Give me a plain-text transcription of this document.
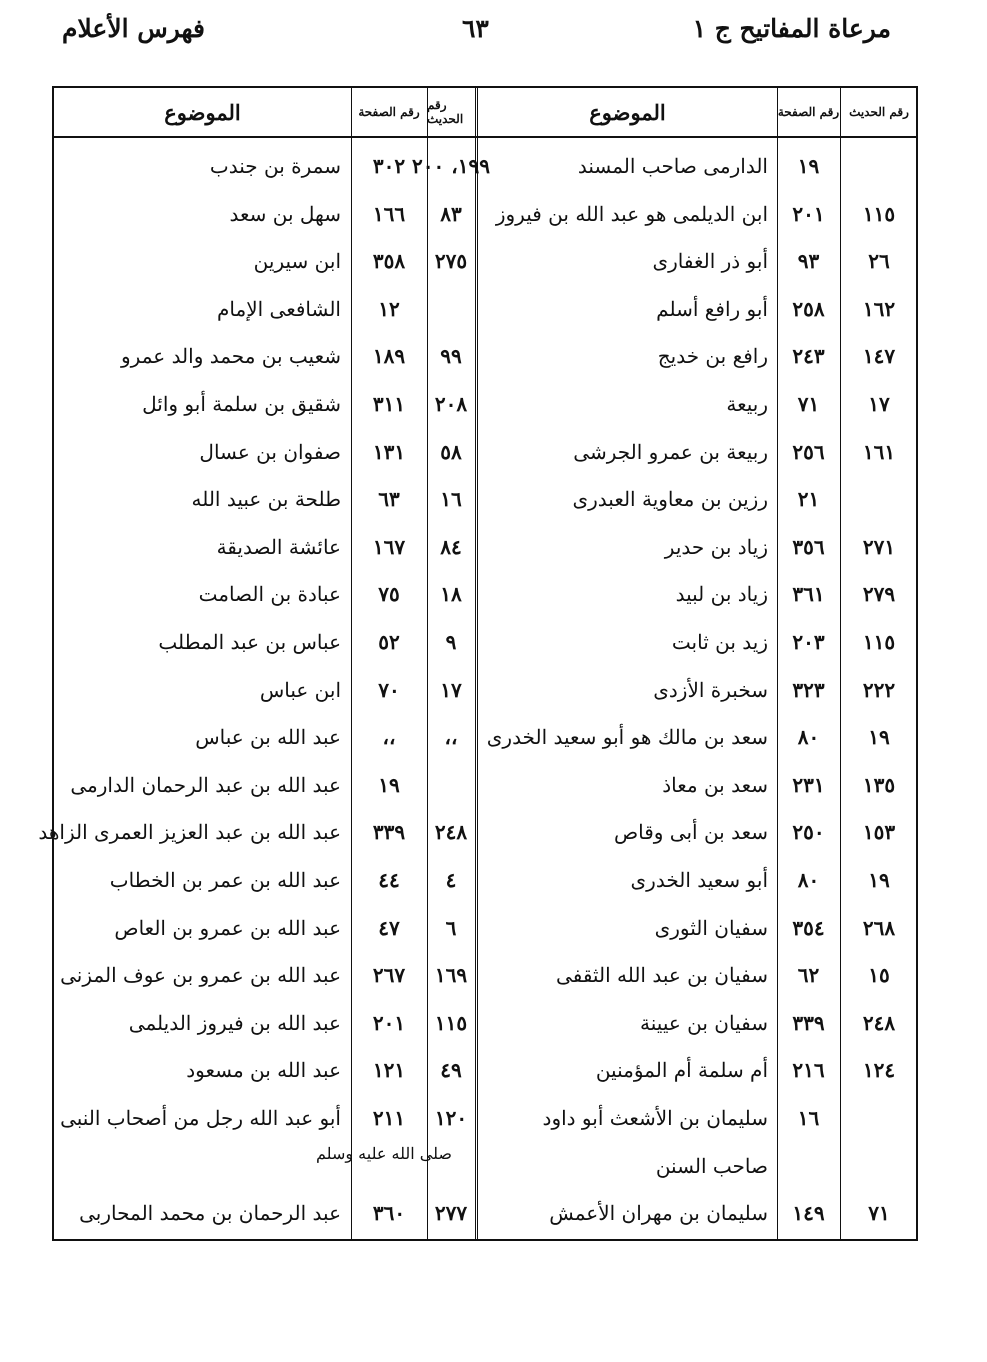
مرعاة المفاتيح ج ١
٦٣
فهرس الأعلام
رقم الحديث
رقم الصفحة
الموضوع
رقم الحديث
رقم الصفحة
الموضوع
١٩
الدارمى صاحب المسند
١١٥
٢٠١
ابن الديلمى هو عبد الله بن فيروز
٢٦
٩٣
أبو ذر الغفارى
١٦٢
٢٥٨
أبو رافع أسلم
١٤٧
٢٤٣
رافع بن خديج
١٧
٧١
ربيعة
١٦١
٢٥٦
ربيعة بن عمرو الجرشى
٢١
رزين بن معاوية العبدرى
٢٧١
٣٥٦
زياد بن حدير
٢٧٩
٣٦١
زياد بن لبيد
١١٥
٢٠٣
زيد بن ثابت
٢٢٢
٣٢٣
سخبرة الأزدى
١٩
٨٠
سعد بن مالك هو أبو سعيد الخدرى
١٣٥
٢٣١
سعد بن معاذ
١٥٣
٢٥٠
سعد بن أبى وقاص
١٩
٨٠
أبو سعيد الخدرى
٢٦٨
٣٥٤
سفيان الثورى
١٥
٦٢
سفيان بن عبد الله الثقفى
٢٤٨
٣٣٩
سفيان بن عيينة
١٢٤
٢١٦
أم سلمة أم المؤمنين
١٦
سليمان بن الأشعث أبو داود
صاحب السنن
٧١
١٤٩
سليمان بن مهران الأعمش
١٩٩، ٢٠٠
٣٠٢
سمرة بن جندب
٨٣
١٦٦
سهل بن سعد
٢٧٥
٣٥٨
ابن سيرين
١٢
الشافعى الإمام
٩٩
١٨٩
شعيب بن محمد والد عمرو
٢٠٨
٣١١
شقيق بن سلمة أبو وائل
٥٨
١٣١
صفوان بن عسال
١٦
٦٣
طلحة بن عبيد الله
٨٤
١٦٧
عائشة الصديقة
١٨
٧٥
عبادة بن الصامت
٩
٥٢
عباس بن عبد المطلب
١٧
٧٠
ابن عباس
،،
،،
عبد الله بن عباس
١٩
عبد الله بن عبد الرحمان الدارمى
٢٤٨
٣٣٩
عبد الله بن عبد العزيز العمرى الزاهد
٤
٤٤
عبد الله بن عمر بن الخطاب
٦
٤٧
عبد الله بن عمرو بن العاص
١٦٩
٢٦٧
عبد الله بن عمرو بن عوف المزنى
١١٥
٢٠١
عبد الله بن فيروز الديلمى
٤٩
١٢١
عبد الله بن مسعود
١٢٠
٢١١
أبو عبد الله رجل من أصحاب النبى
٢٧٧
٣٦٠
عبد الرحمان بن محمد المحاربى
صلى الله عليه وسلم
